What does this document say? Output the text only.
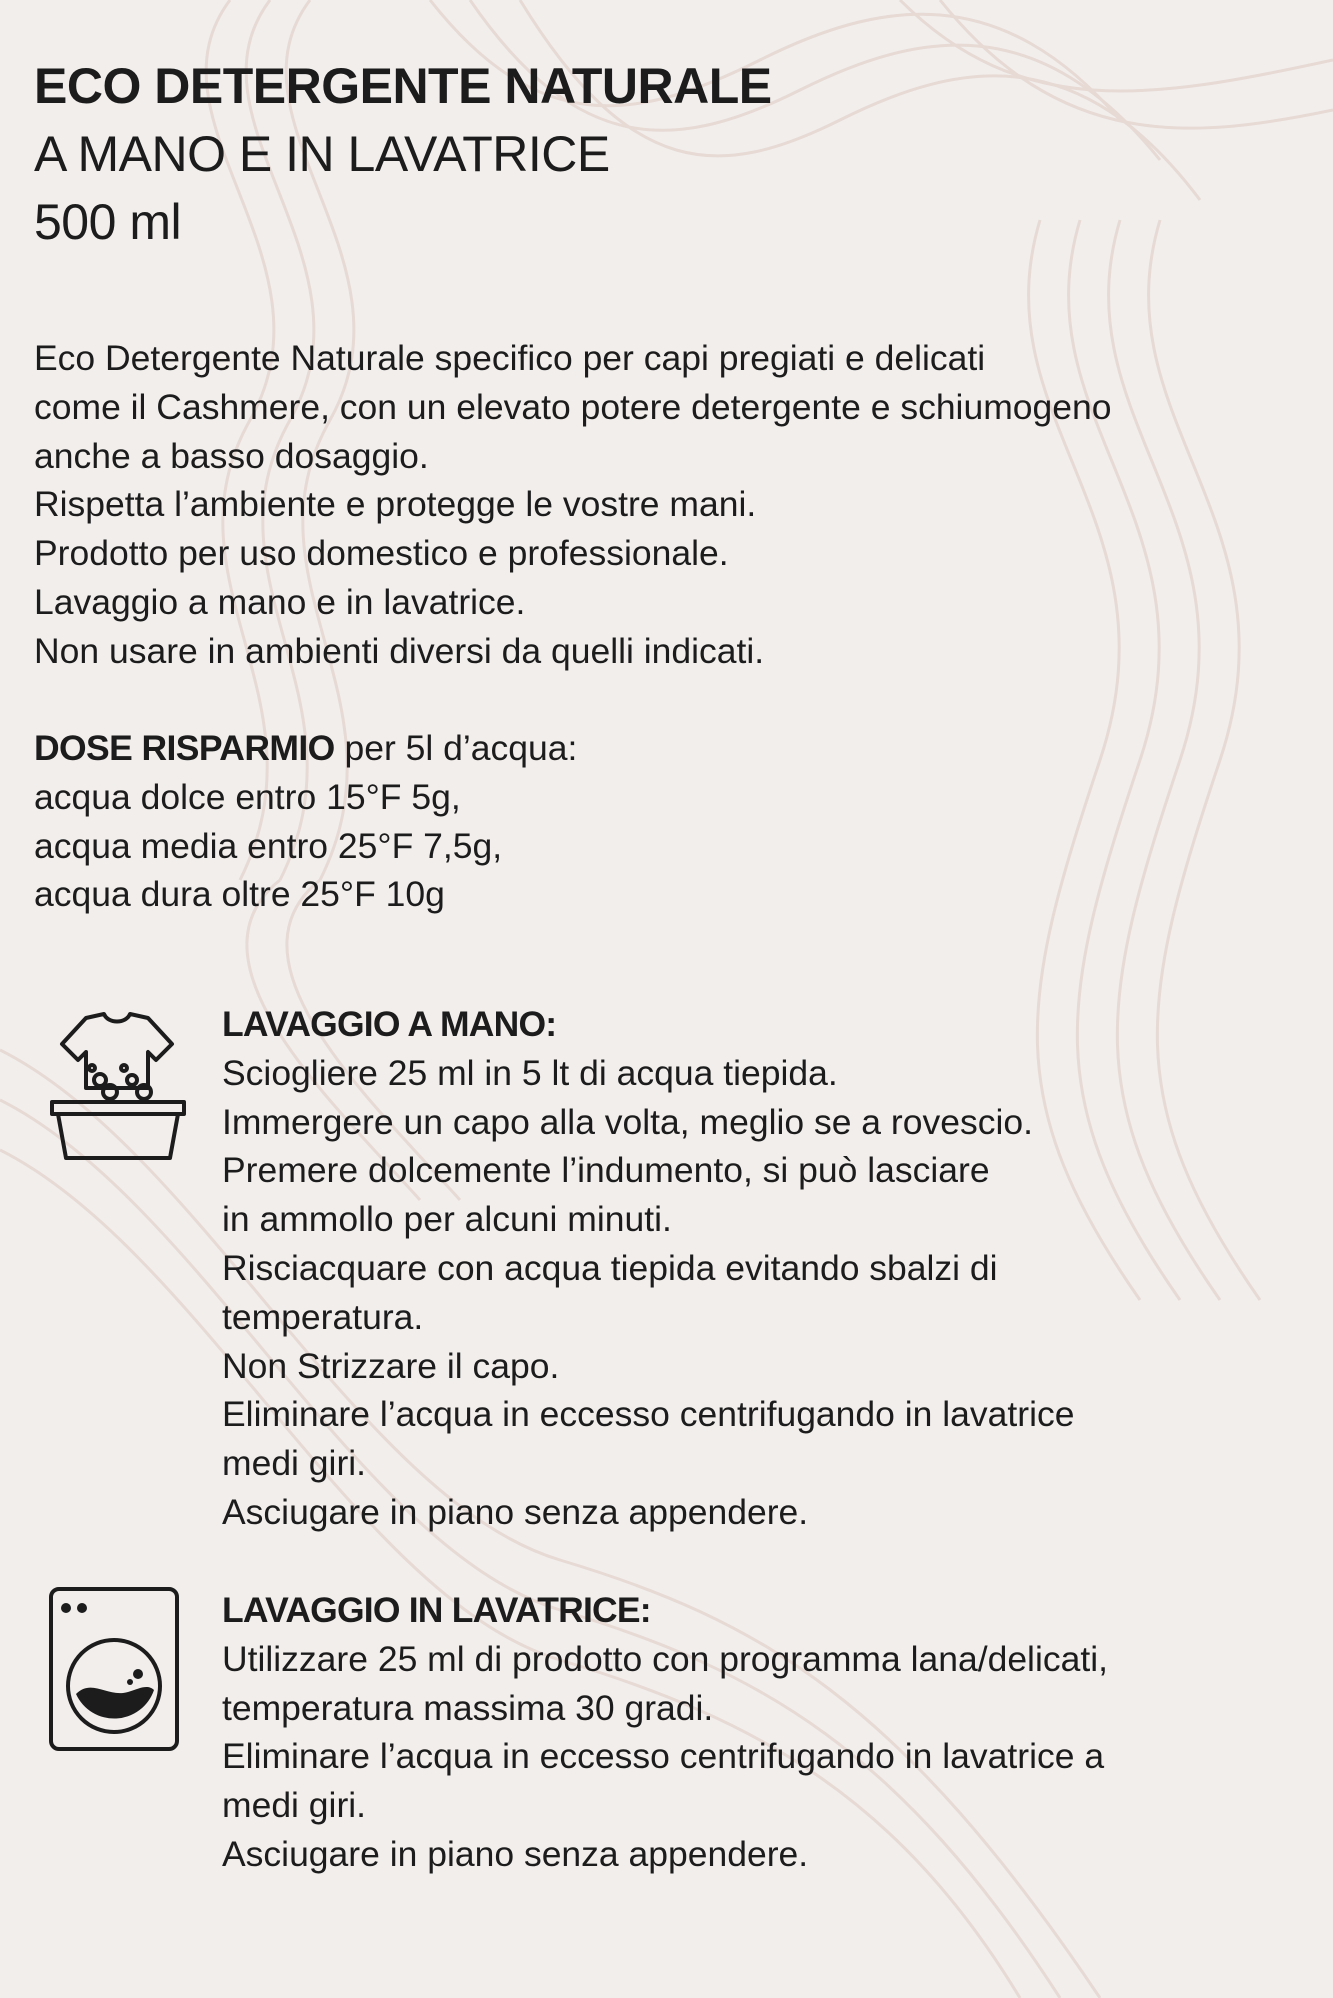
ECO DETERGENTE NATURALE
A MANO E IN LAVATRICE
500 ml
Eco Detergente Naturale specifico per capi pregiati e delicati
come il Cashmere, con un elevato potere detergente e schiumogeno
anche a basso dosaggio.
Rispetta l’ambiente e protegge le vostre mani.
Prodotto per uso domestico e professionale.
Lavaggio a mano e in lavatrice.
Non usare in ambienti diversi da quelli indicati.
DOSE RISPARMIO per 5l d’acqua:
acqua dolce entro 15°F 5g,
acqua media entro 25°F 7,5g,
acqua dura oltre 25°F 10g
LAVAGGIO A MANO:
Sciogliere 25 ml in 5 lt di acqua tiepida.
Immergere un capo alla volta, meglio se a rovescio.
Premere dolcemente l’indumento, si può lasciare
in ammollo per alcuni minuti.
Risciacquare con acqua tiepida evitando sbalzi di
temperatura.
Non Strizzare il capo.
Eliminare l’acqua in eccesso centrifugando in lavatrice
medi giri.
Asciugare in piano senza appendere.
LAVAGGIO IN LAVATRICE:
Utilizzare 25 ml di prodotto con programma lana/delicati,
temperatura massima 30 gradi.
Eliminare l’acqua in eccesso centrifugando in lavatrice a
medi giri.
Asciugare in piano senza appendere.
